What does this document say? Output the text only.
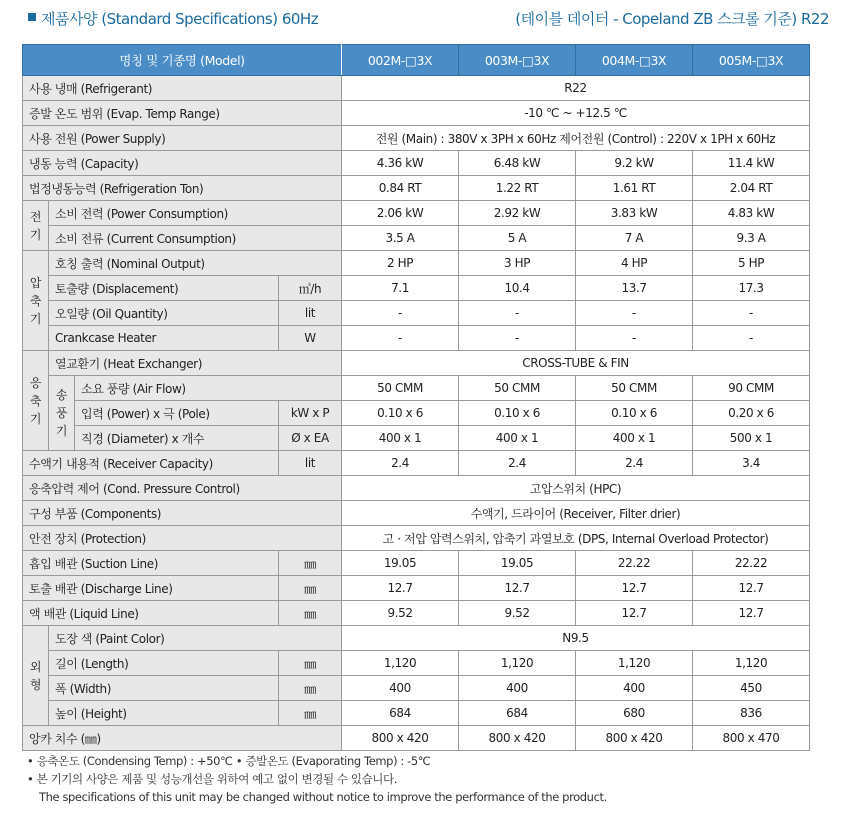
제품사양 (Standard Specifications) 60Hz	(테이블 데이터 - Copeland ZB 스크롤 기준) R22
명칭 및 기종명 (Model)				002M-□3X	003M-□3X	004M-□3X	005M-□3X
사용 냉매 (Refrigerant)				R22			
증발 온도 범위 (Evap. Temp Range)				-10 ℃ ~ +12.5 ℃			
사용 전원 (Power Supply)				전원 (Main) : 380V x 3PH x 60Hz 제어전원 (Control) : 220V x 1PH x 60Hz			
냉동 능력 (Capacity)				4.36 kW	6.48 kW	9.2 kW	11.4 kW
법정냉동능력 (Refrigeration Ton)				0.84 RT	1.22 RT	1.61 RT	2.04 RT
전기	소비 전력 (Power Consumption)			2.06 kW	2.92 kW	3.83 kW	4.83 kW
	소비 전류 (Current Consumption)			3.5 A	5 A	7 A	9.3 A
압축기	호칭 출력 (Nominal Output)			2 HP	3 HP	4 HP	5 HP
	토출량 (Displacement)		㎥/h	7.1	10.4	13.7	17.3
	오일량 (Oil Quantity)		lit	-	-	-	-
	Crankcase Heater		W	-	-	-	-
응축기	열교환기 (Heat Exchanger)			CROSS-TUBE & FIN			
	송풍기	소요 풍량 (Air Flow)		50 CMM	50 CMM	50 CMM	90 CMM
		입력 (Power) x 극 (Pole)	kW x P	0.10 x 6	0.10 x 6	0.10 x 6	0.20 x 6
		직경 (Diameter) x 개수	Ø x EA	400 x 1	400 x 1	400 x 1	500 x 1
수액기 내용적 (Receiver Capacity)			lit	2.4	2.4	2.4	3.4
응축압력 제어 (Cond. Pressure Control)				고압스위치 (HPC)			
구성 부품 (Components)				수액기, 드라이어 (Receiver, Filter drier)			
안전 장치 (Protection)				고 · 저압 압력스위치, 압축기 과열보호 (DPS, Internal Overload Protector)			
흡입 배관 (Suction Line)			㎜	19.05	19.05	22.22	22.22
토출 배관 (Discharge Line)			㎜	12.7	12.7	12.7	12.7
액 배관 (Liquid Line)			㎜	9.52	9.52	12.7	12.7
외형	도장 색 (Paint Color)			N9.5			
	길이 (Length)		㎜	1,120	1,120	1,120	1,120
	폭 (Width)		㎜	400	400	400	450
	높이 (Height)		㎜	684	684	680	836
앙카 치수 (㎜)				800 x 420	800 x 420	800 x 420	800 x 470
• 응축온도 (Condensing Temp) : +50℃ • 증발온도 (Evaporating Temp) : -5℃
• 본 기기의 사양은 제품 및 성능개선을 위하여 예고 없이 변경될 수 있습니다.
The specifications of this unit may be changed without notice to improve the performance of the product.
